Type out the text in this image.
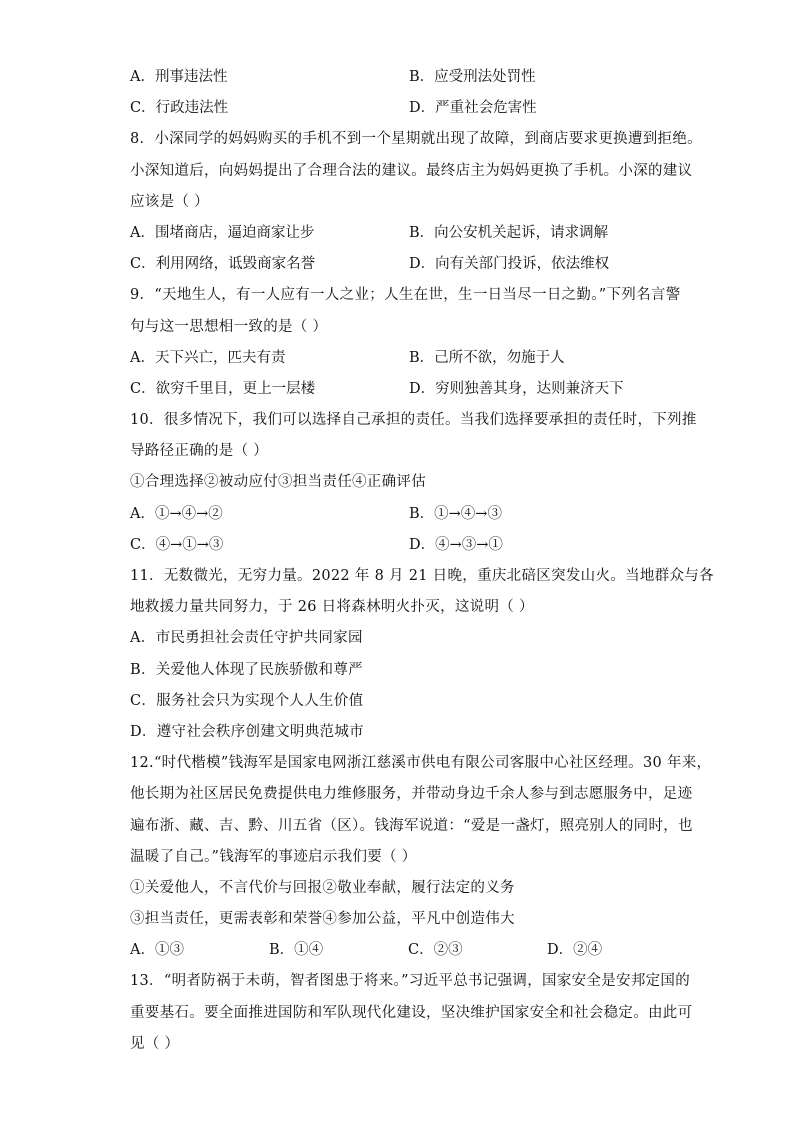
A．刑事违法性	B．应受刑法处罚性
C．行政违法性	D．严重社会危害性
8．小深同学的妈妈购买的手机不到一个星期就出现了故障，到商店要求更换遭到拒绝。
小深知道后，向妈妈提出了合理合法的建议。最终店主为妈妈更换了手机。小深的建议
应该是（ ）
A．围堵商店，逼迫商家让步	B．向公安机关起诉，请求调解
C．利用网络，诋毁商家名誉	D．向有关部门投诉，依法维权
9．“天地生人，有一人应有一人之业；人生在世，生一日当尽一日之勤。”下列名言警
句与这一思想相一致的是（ ）
A．天下兴亡，匹夫有责	B．己所不欲，勿施于人
C．欲穷千里目，更上一层楼	D．穷则独善其身，达则兼济天下
10．很多情况下，我们可以选择自己承担的责任。当我们选择要承担的责任时，下列推
导路径正确的是（ ）
①合理选择②被动应付③担当责任④正确评估
A．①→④→②	B．①→④→③
C．④→①→③	D．④→③→①
11．无数微光，无穷力量。2022 年 8 月 21 日晚，重庆北碚区突发山火。当地群众与各
地救援力量共同努力，于 26 日将森林明火扑灭，这说明（ ）
A．市民勇担社会责任守护共同家园
B．关爱他人体现了民族骄傲和尊严
C．服务社会只为实现个人人生价值
D．遵守社会秩序创建文明典范城市
12.“时代楷模”钱海军是国家电网浙江慈溪市供电有限公司客服中心社区经理。30 年来，
他长期为社区居民免费提供电力维修服务，并带动身边千余人参与到志愿服务中，足迹
遍布浙、藏、吉、黔、川五省（区）。钱海军说道：“爱是一盏灯，照亮别人的同时，也
温暖了自己。”钱海军的事迹启示我们要（ ）
①关爱他人，不言代价与回报②敬业奉献，履行法定的义务
③担当责任，更需表彰和荣誉④参加公益，平凡中创造伟大
A．①③	B．①④	C．②③	D．②④
13．“明者防祸于未萌，智者图患于将来。”习近平总书记强调，国家安全是安邦定国的
重要基石。要全面推进国防和军队现代化建设，坚决维护国家安全和社会稳定。由此可
见（ ）
